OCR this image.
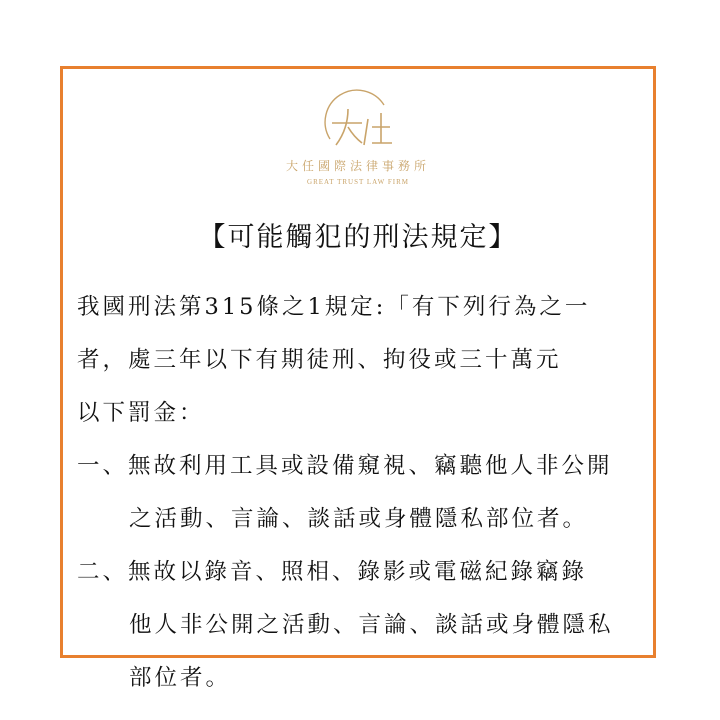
大任國際法律事務所
GREAT TRUST LAW FIRM
【可能觸犯的刑法規定】
我國刑法第315條之1規定:「有下列行為之一
者，處三年以下有期徒刑、拘役或三十萬元
以下罰金：
一、無故利用工具或設備窺視、竊聽他人非公開
之活動、言論、談話或身體隱私部位者。
二、無故以錄音、照相、錄影或電磁紀錄竊錄
他人非公開之活動、言論、談話或身體隱私
部位者。
